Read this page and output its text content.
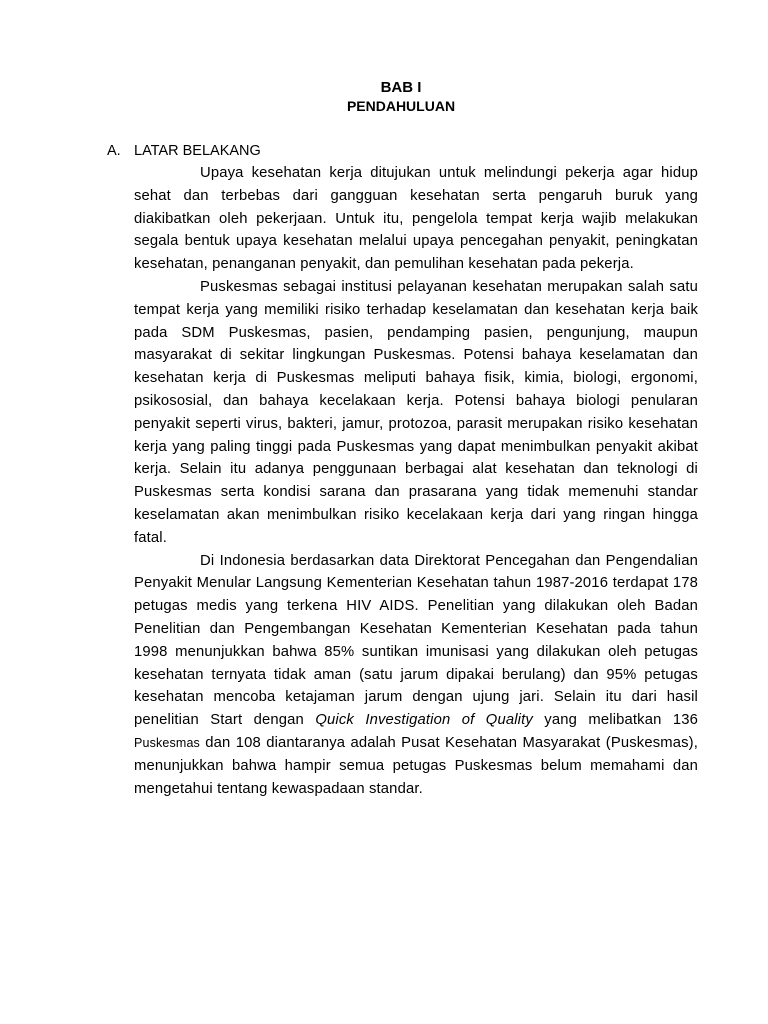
BAB I
PENDAHULUAN
A. LATAR BELAKANG

Upaya kesehatan kerja ditujukan untuk melindungi pekerja agar hidup sehat dan terbebas dari gangguan kesehatan serta pengaruh buruk yang diakibatkan oleh pekerjaan. Untuk itu, pengelola tempat kerja wajib melakukan segala bentuk upaya kesehatan melalui upaya pencegahan penyakit, peningkatan kesehatan, penanganan penyakit, dan pemulihan kesehatan pada pekerja.

Puskesmas sebagai institusi pelayanan kesehatan merupakan salah satu tempat kerja yang memiliki risiko terhadap keselamatan dan kesehatan kerja baik pada SDM Puskesmas, pasien, pendamping pasien, pengunjung, maupun masyarakat di sekitar lingkungan Puskesmas. Potensi bahaya keselamatan dan kesehatan kerja di Puskesmas meliputi bahaya fisik, kimia, biologi, ergonomi, psikososial, dan bahaya kecelakaan kerja. Potensi bahaya biologi penularan penyakit seperti virus, bakteri, jamur, protozoa, parasit merupakan risiko kesehatan kerja yang paling tinggi pada Puskesmas yang dapat menimbulkan penyakit akibat kerja. Selain itu adanya penggunaan berbagai alat kesehatan dan teknologi di Puskesmas serta kondisi sarana dan prasarana yang tidak memenuhi standar keselamatan akan menimbulkan risiko kecelakaan kerja dari yang ringan hingga fatal.

Di Indonesia berdasarkan data Direktorat Pencegahan dan Pengendalian Penyakit Menular Langsung Kementerian Kesehatan tahun 1987-2016 terdapat 178 petugas medis yang terkena HIV AIDS. Penelitian yang dilakukan oleh Badan Penelitian dan Pengembangan Kesehatan Kementerian Kesehatan pada tahun 1998 menunjukkan bahwa 85% suntikan imunisasi yang dilakukan oleh petugas kesehatan ternyata tidak aman (satu jarum dipakai berulang) dan 95% petugas kesehatan mencoba ketajaman jarum dengan ujung jari. Selain itu dari hasil penelitian Start dengan Quick Investigation of Quality yang melibatkan 136 Puskesmas dan 108 diantaranya adalah Pusat Kesehatan Masyarakat (Puskesmas), menunjukkan bahwa hampir semua petugas Puskesmas belum memahami dan mengetahui tentang kewaspadaan standar.
